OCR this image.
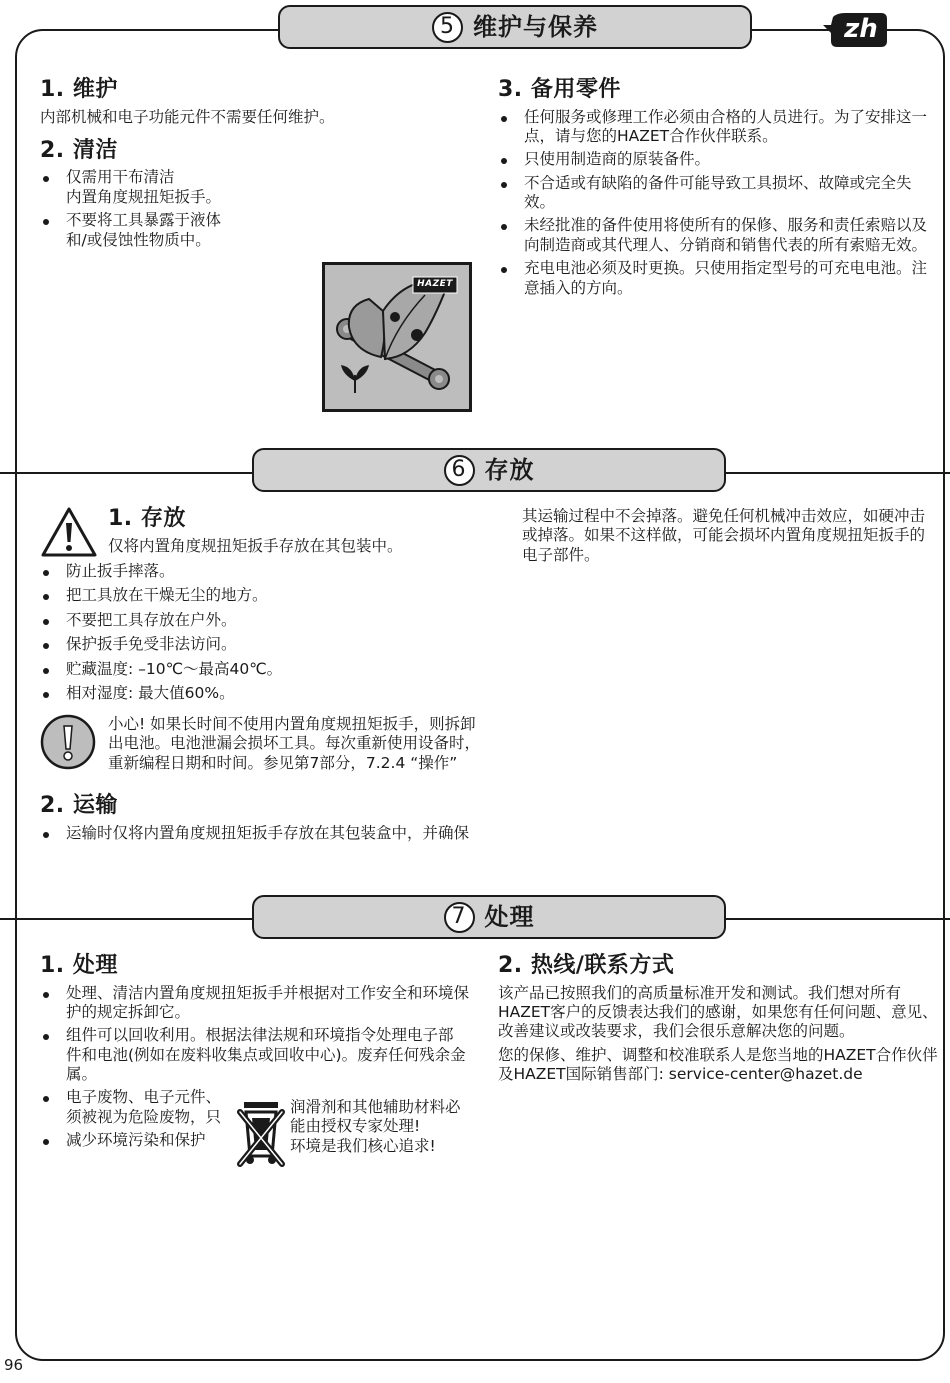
zh
5 维护与保养
1. 维护

内部机械和电子功能元件不需要任何维护。

2. 清洁
仅需用干布清洁
内置角度规扭矩扳手。
不要将工具暴露于液体
和/或侵蚀性物质中。
HAZET
3. 备用零件
任何服务或修理工作必须由合格的人员进行。为了安排这一
点，请与您的HAZET合作伙伴联系。
只使用制造商的原装备件。
不合适或有缺陷的备件可能导致工具损坏、故障或完全失
效。
未经批准的备件使用将使所有的保修、服务和责任索赔以及
向制造商或其代理人、分销商和销售代表的所有索赔无效。
充电电池必须及时更换。只使用指定型号的可充电电池。注
意插入的方向。
6 存放
1. 存放

仅将内置角度规扭矩扳手存放在其包装中。

防止扳手摔落。
把工具放在干燥无尘的地方。
不要把工具存放在户外。
保护扳手免受非法访问。
贮藏温度: –10℃～最高40℃。
相对湿度: 最大值60%。
小心! 如果长时间不使用内置角度规扭矩扳手，则拆卸
出电池。电池泄漏会损坏工具。每次重新使用设备时，
重新编程日期和时间。参见第7部分，7.2.4 “操作”
2. 运输
运输时仅将内置角度规扭矩扳手存放在其包装盒中，并确保
其运输过程中不会掉落。避免任何机械冲击效应，如硬冲击
或掉落。如果不这样做，可能会损坏内置角度规扭矩扳手的
电子部件。
7 处理
1. 处理
处理、清洁内置角度规扭矩扳手并根据对工作安全和环境保
护的规定拆卸它。
组件可以回收利用。根据法律法规和环境指令处理电子部
件和电池(例如在废料收集点或回收中心)。废弃任何残余金
属。
电子废物、电子元件、
须被视为危险废物，只
减少环境污染和保护
润滑剂和其他辅助材料必
能由授权专家处理!
环境是我们核心追求!
2. 热线/联系方式

该产品已按照我们的高质量标准开发和测试。我们想对所有
HAZET客户的反馈表达我们的感谢，如果您有任何问题、意见、
改善建议或改装要求，我们会很乐意解决您的问题。

您的保修、维护、调整和校准联系人是您当地的HAZET合作伙伴
及HAZET国际销售部门: service-center@hazet.de

96
